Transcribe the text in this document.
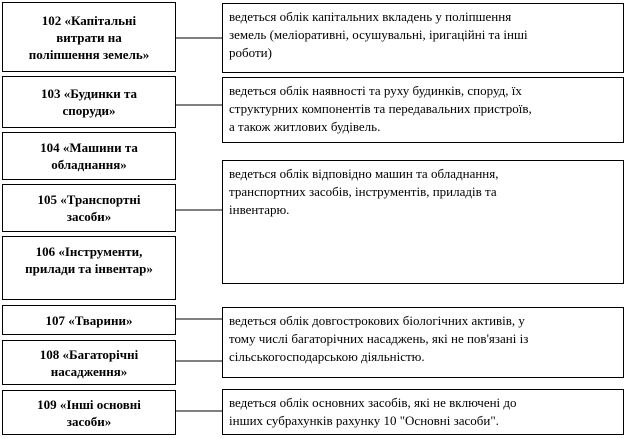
102 «Капітальні
витрати на
поліпшення земель»
103 «Будинки та
споруди»
104 «Машини та
обладнання»
105 «Транспортні
засоби»
106 «Інструменти,
прилади та інвентар»
107 «Тварини»
108 «Багаторічні
насадження»
109 «Інші основні
засоби»
ведеться облік капітальних вкладень у поліпшення
земель (меліоративні, осушувальні, іригаційні та інші
роботи)
ведеться облік наявності та руху будинків, споруд, їх
структурних компонентів та передавальних пристроїв,
а також житлових будівель.
ведеться облік відповідно машин та обладнання,
транспортних засобів, інструментів, приладів та
інвентарю.
ведеться облік довгострокових біологічних активів, у
тому числі багаторічних насаджень, які не пов'язані із
сільськогосподарською діяльністю.
ведеться облік основних засобів, які не включені до
інших субрахунків рахунку 10 "Основні засоби".
